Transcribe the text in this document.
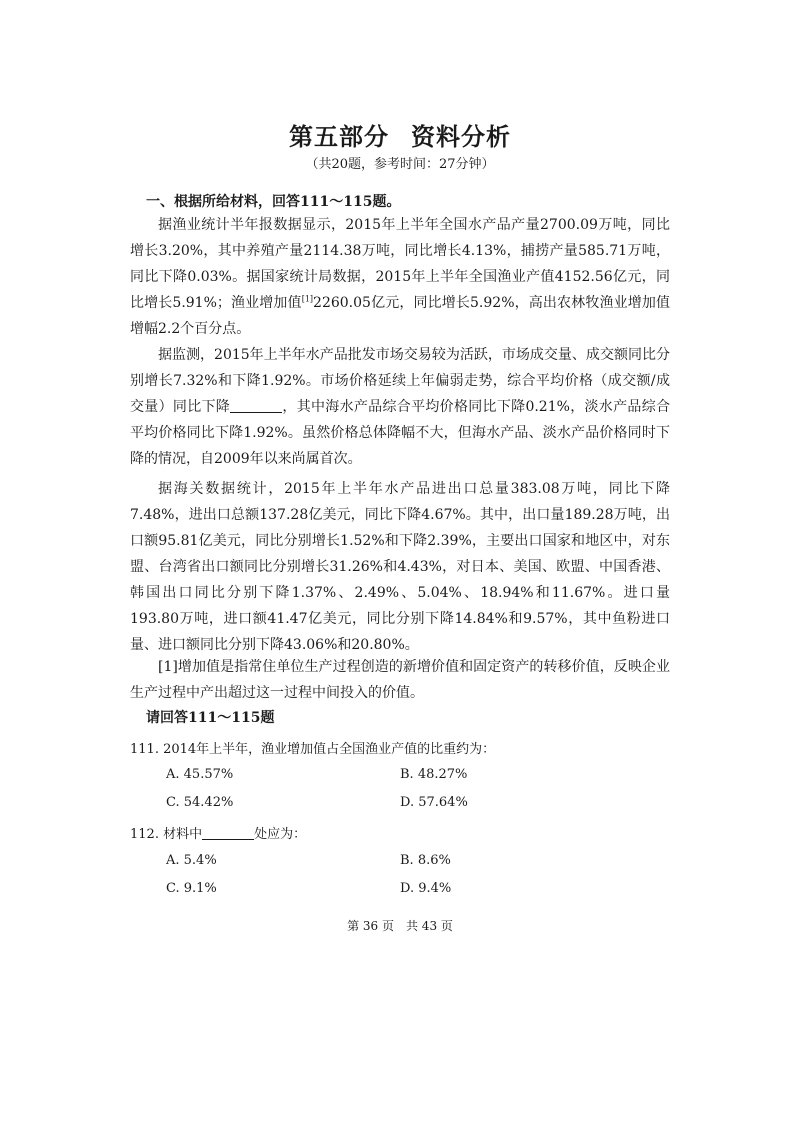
第五部分 资料分析
（共20题，参考时间：27分钟）
一、根据所给材料，回答111～115题。

据渔业统计半年报数据显示，2015年上半年全国水产品产量2700.09万吨，同比增长3.20%，其中养殖产量2114.38万吨，同比增长4.13%，捕捞产量585.71万吨，同比下降0.03%。据国家统计局数据，2015年上半年全国渔业产值4152.56亿元，同比增长5.91%；渔业增加值[1]2260.05亿元，同比增长5.92%，高出农林牧渔业增加值增幅2.2个百分点。

据监测，2015年上半年水产品批发市场交易较为活跃，市场成交量、成交额同比分别增长7.32%和下降1.92%。市场价格延续上年偏弱走势，综合平均价格（成交额/成交量）同比下降	，其中海水产品综合平均价格同比下降0.21%，淡水产品综合平均价格同比下降1.92%。虽然价格总体降幅不大，但海水产品、淡水产品价格同时下降的情况，自2009年以来尚属首次。

据海关数据统计，2015年上半年水产品进出口总量383.08万吨，同比下降7.48%，进出口总额137.28亿美元，同比下降4.67%。其中，出口量189.28万吨，出口额95.81亿美元，同比分别增长1.52%和下降2.39%，主要出口国家和地区中，对东盟、台湾省出口额同比分别增长31.26%和4.43%，对日本、美国、欧盟、中国香港、韩国出口同比分别下降1.37%、2.49%、5.04%、18.94%和11.67%。进口量193.80万吨，进口额41.47亿美元，同比分别下降14.84%和9.57%，其中鱼粉进口量、进口额同比分别下降43.06%和20.80%。

[1]增加值是指常住单位生产过程创造的新增价值和固定资产的转移价值，反映企业生产过程中产出超过这一过程中间投入的价值。

请回答111～115题
111. 2014年上半年，渔业增加值占全国渔业产值的比重约为：
A. 45.57%	B. 48.27%
C. 54.42%	D. 57.64%
112. 材料中	处应为：
A. 5.4%	B. 8.6%
C. 9.1%	D. 9.4%
第 36 页　共 43 页
